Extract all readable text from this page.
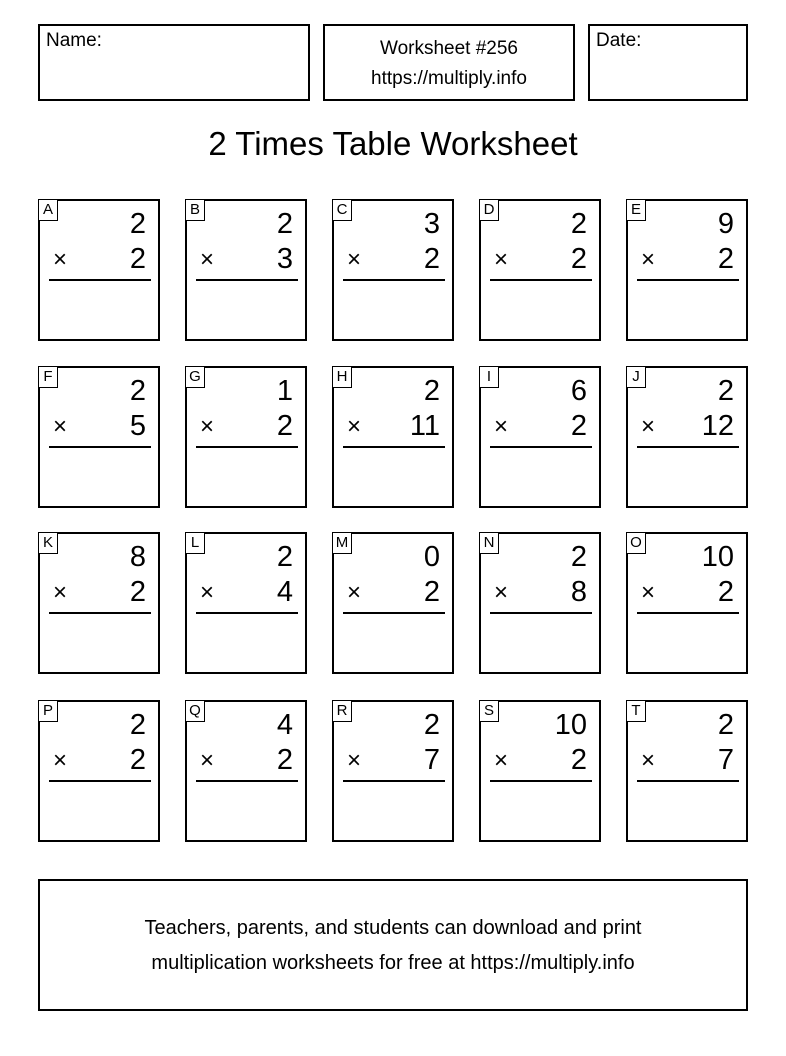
Name:	Worksheet #256
https://multiply.info
Date:
2 Times Table Worksheet
A	2
× 2
B	2
× 3
C	3
× 2
D	2
× 2
E	9
× 2
F	2
× 5
G	1
× 2
H	2
× 11
I	6
× 2
J	2
× 12
K	8
× 2
L	2
× 4
M	0
× 2
N	2
× 8
O 10
× 2
P	2
× 2
Q	4
× 2
R	2
× 7
S 10
× 2
T	2
× 7
Teachers, parents, and students can download and print
multiplication worksheets for free at https://multiply.info
